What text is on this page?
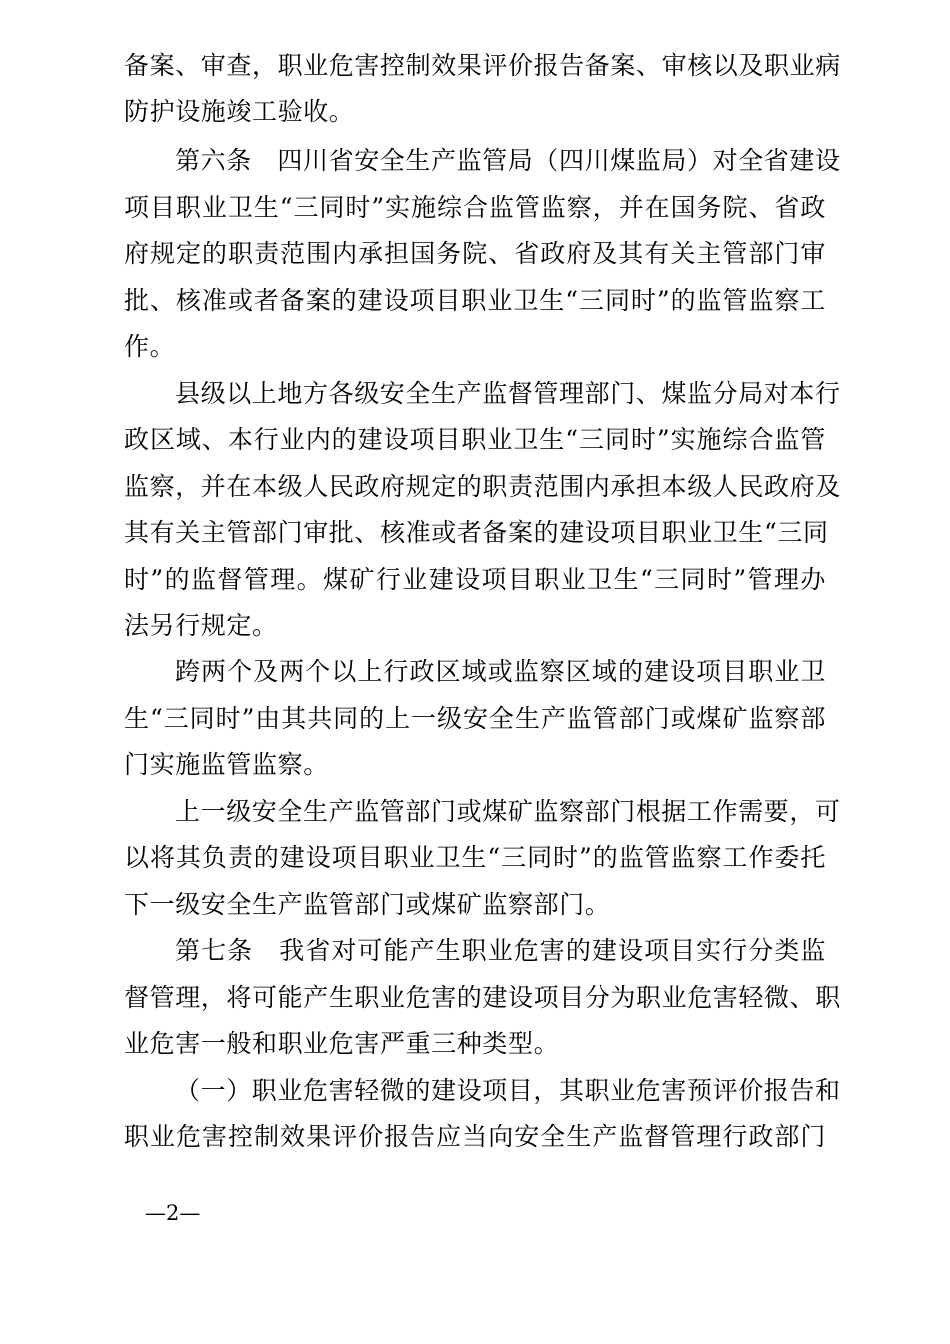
备案、审查，职业危害控制效果评价报告备案、审核以及职业病
防护设施竣工验收。
第六条　四川省安全生产监管局（四川煤监局）对全省建设
项目职业卫生“三同时”实施综合监管监察，并在国务院、省政
府规定的职责范围内承担国务院、省政府及其有关主管部门审
批、核准或者备案的建设项目职业卫生“三同时”的监管监察工
作。
县级以上地方各级安全生产监督管理部门、煤监分局对本行
政区域、本行业内的建设项目职业卫生“三同时”实施综合监管
监察，并在本级人民政府规定的职责范围内承担本级人民政府及
其有关主管部门审批、核准或者备案的建设项目职业卫生“三同
时”的监督管理。煤矿行业建设项目职业卫生“三同时”管理办
法另行规定。
跨两个及两个以上行政区域或监察区域的建设项目职业卫
生“三同时”由其共同的上一级安全生产监管部门或煤矿监察部
门实施监管监察。
上一级安全生产监管部门或煤矿监察部门根据工作需要，可
以将其负责的建设项目职业卫生“三同时”的监管监察工作委托
下一级安全生产监管部门或煤矿监察部门。
第七条　我省对可能产生职业危害的建设项目实行分类监
督管理，将可能产生职业危害的建设项目分为职业危害轻微、职
业危害一般和职业危害严重三种类型。
（一）职业危害轻微的建设项目，其职业危害预评价报告和
职业危害控制效果评价报告应当向安全生产监督管理行政部门
—2—
